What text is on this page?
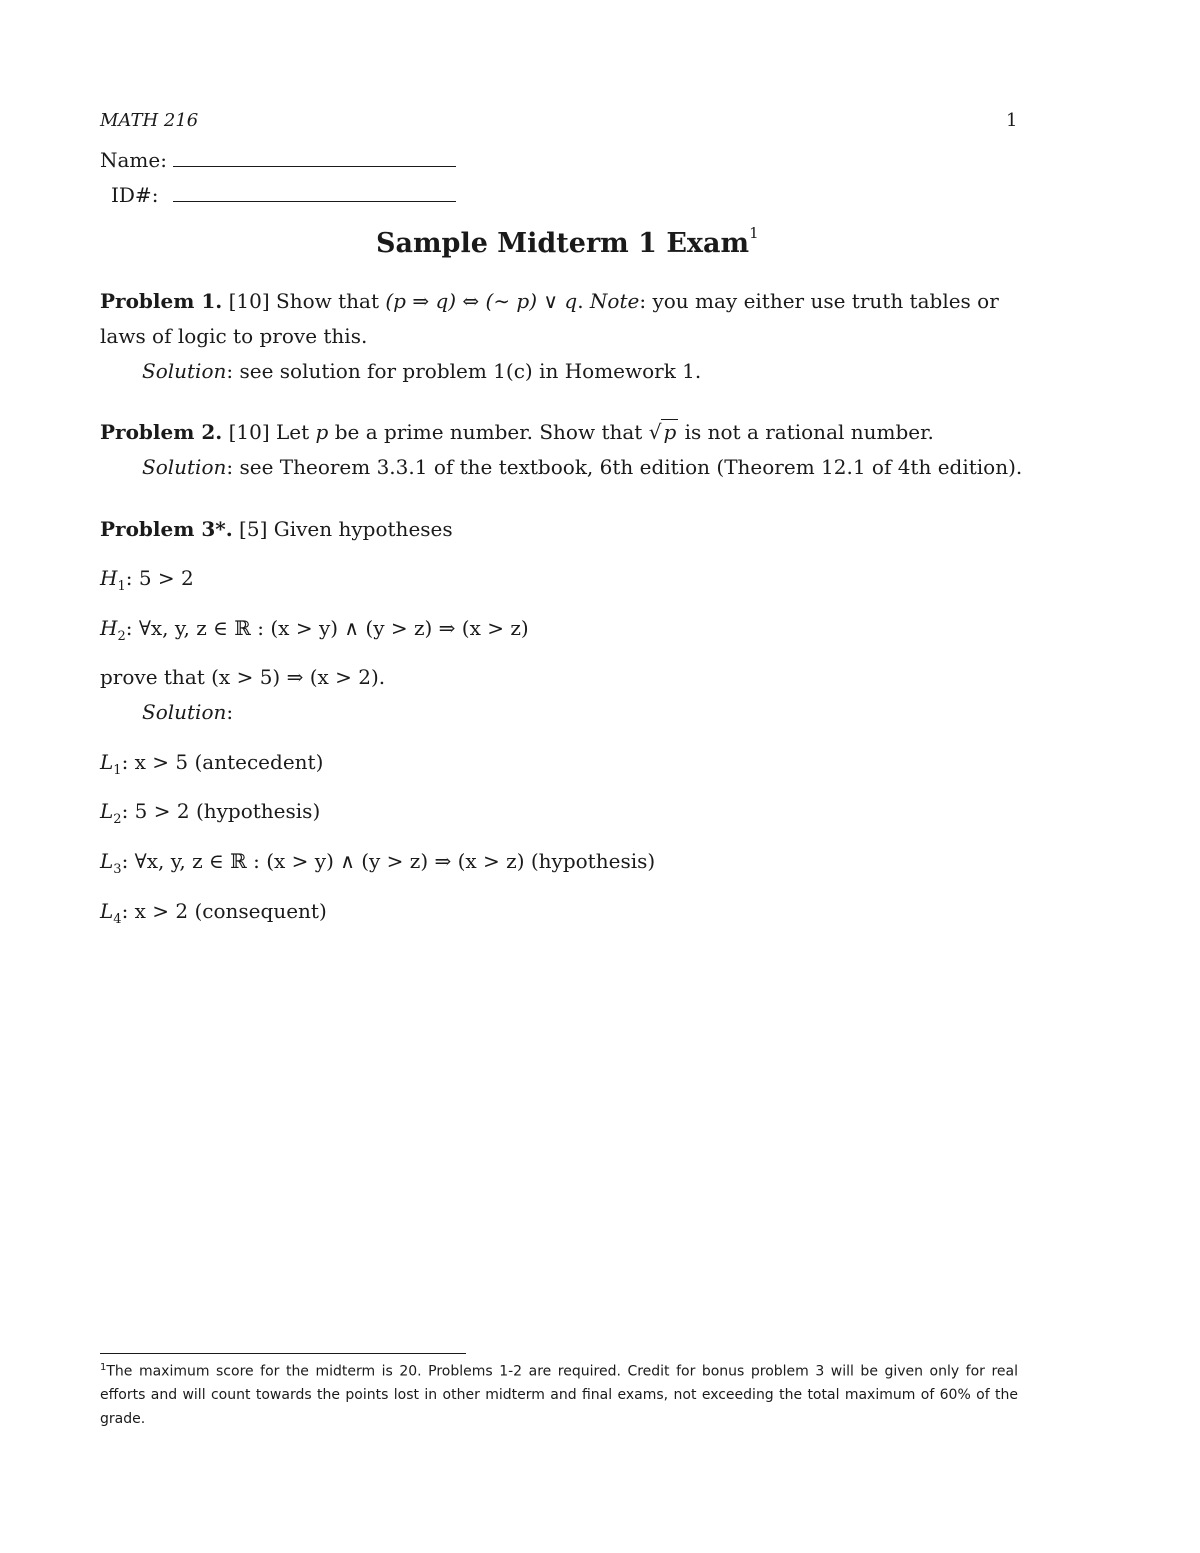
MATH 216	1
Name:
ID#:
Sample Midterm 1 Exam$^1$
Problem 1. [10] Show that (p ⇒ q) ⇔ (∼ p) ∨ q. Note: you may either use truth tables or
laws of logic to prove this.
Solution: see solution for problem 1(c) in Homework 1.
Problem 2. [10] Let p be a prime number. Show that √ p is not a rational number.
Solution: see Theorem 3.3.1 of the textbook, 6th edition (Theorem 12.1 of 4th edition).
Problem 3*. [5] Given hypotheses
$H_1$: 5 > 2
$H_2$: ∀x, y, z ∈ ℝ : (x > y) ∧ (y > z) ⇒ (x > z)
prove that (x > 5) ⇒ (x > 2).
Solution:
$L_1$: x > 5 (antecedent)
$L_2$: 5 > 2 (hypothesis)
$L_3$: ∀x, y, z ∈ ℝ : (x > y) ∧ (y > z) ⇒ (x > z) (hypothesis)
$L_4$: x > 2 (consequent)
$^1$The maximum score for the midterm is 20. Problems 1-2 are required. Credit for bonus problem 3 will be given only for real efforts and will count towards the points lost in other midterm and final exams, not exceeding the total maximum of 60% of the grade.
